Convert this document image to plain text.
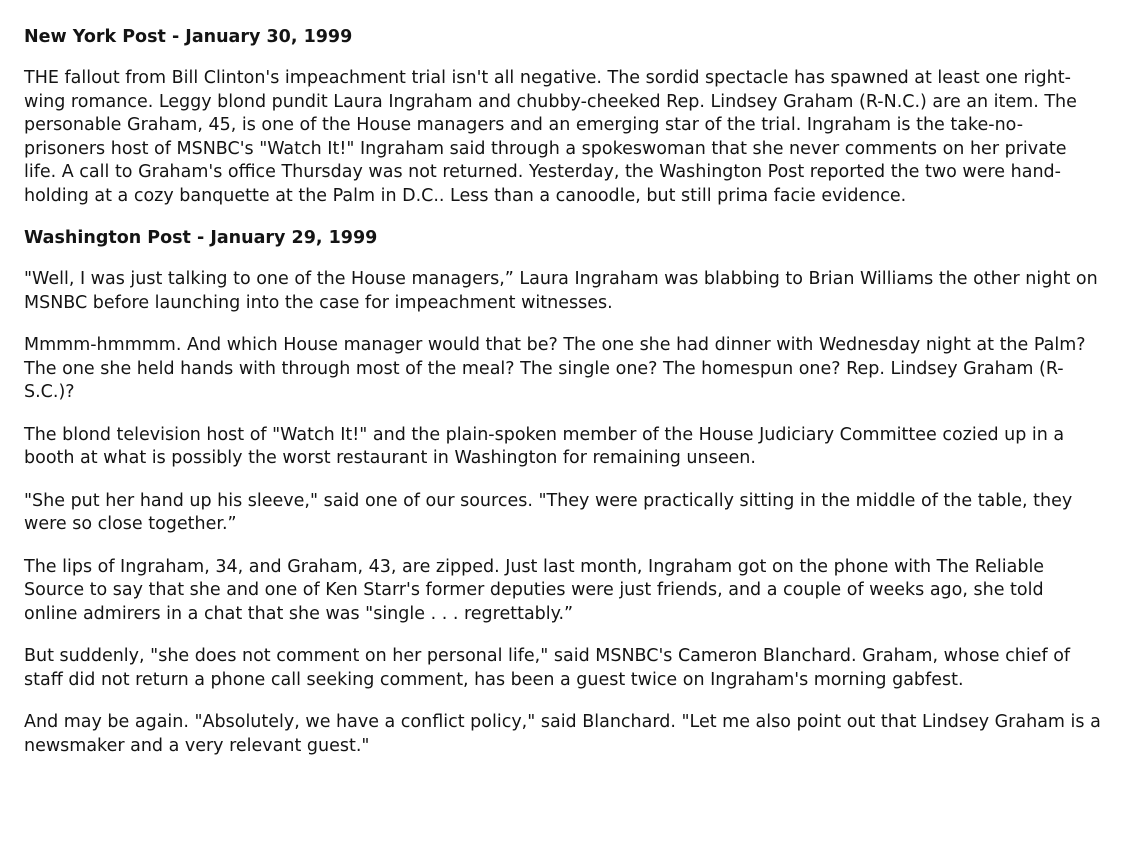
New York Post - January 30, 1999

THE fallout from Bill Clinton's impeachment trial isn't all negative. The sordid spectacle has spawned at least one right-wing romance. Leggy blond pundit Laura Ingraham and chubby-cheeked Rep. Lindsey Graham (R-N.C.) are an item. The personable Graham, 45, is one of the House managers and an emerging star of the trial. Ingraham is the take-no-prisoners host of MSNBC's "Watch It!" Ingraham said through a spokeswoman that she never comments on her private life. A call to Graham's office Thursday was not returned. Yesterday, the Washington Post reported the two were hand-holding at a cozy banquette at the Palm in D.C.. Less than a canoodle, but still prima facie evidence.

Washington Post - January 29, 1999

"Well, I was just talking to one of the House managers,” Laura Ingraham was blabbing to Brian Williams the other night on MSNBC before launching into the case for impeachment witnesses.

Mmmm-hmmmm. And which House manager would that be? The one she had dinner with Wednesday night at the Palm? The one she held hands with through most of the meal? The single one? The homespun one? Rep. Lindsey Graham (R-S.C.)?

The blond television host of "Watch It!" and the plain-spoken member of the House Judiciary Committee cozied up in a booth at what is possibly the worst restaurant in Washington for remaining unseen.

"She put her hand up his sleeve," said one of our sources. "They were practically sitting in the middle of the table, they were so close together.”

The lips of Ingraham, 34, and Graham, 43, are zipped. Just last month, Ingraham got on the phone with The Reliable Source to say that she and one of Ken Starr's former deputies were just friends, and a couple of weeks ago, she told online admirers in a chat that she was "single . . . regrettably.”

But suddenly, "she does not comment on her personal life," said MSNBC's Cameron Blanchard. Graham, whose chief of staff did not return a phone call seeking comment, has been a guest twice on Ingraham's morning gabfest.

And may be again. "Absolutely, we have a conflict policy," said Blanchard. "Let me also point out that Lindsey Graham is a newsmaker and a very relevant guest."
